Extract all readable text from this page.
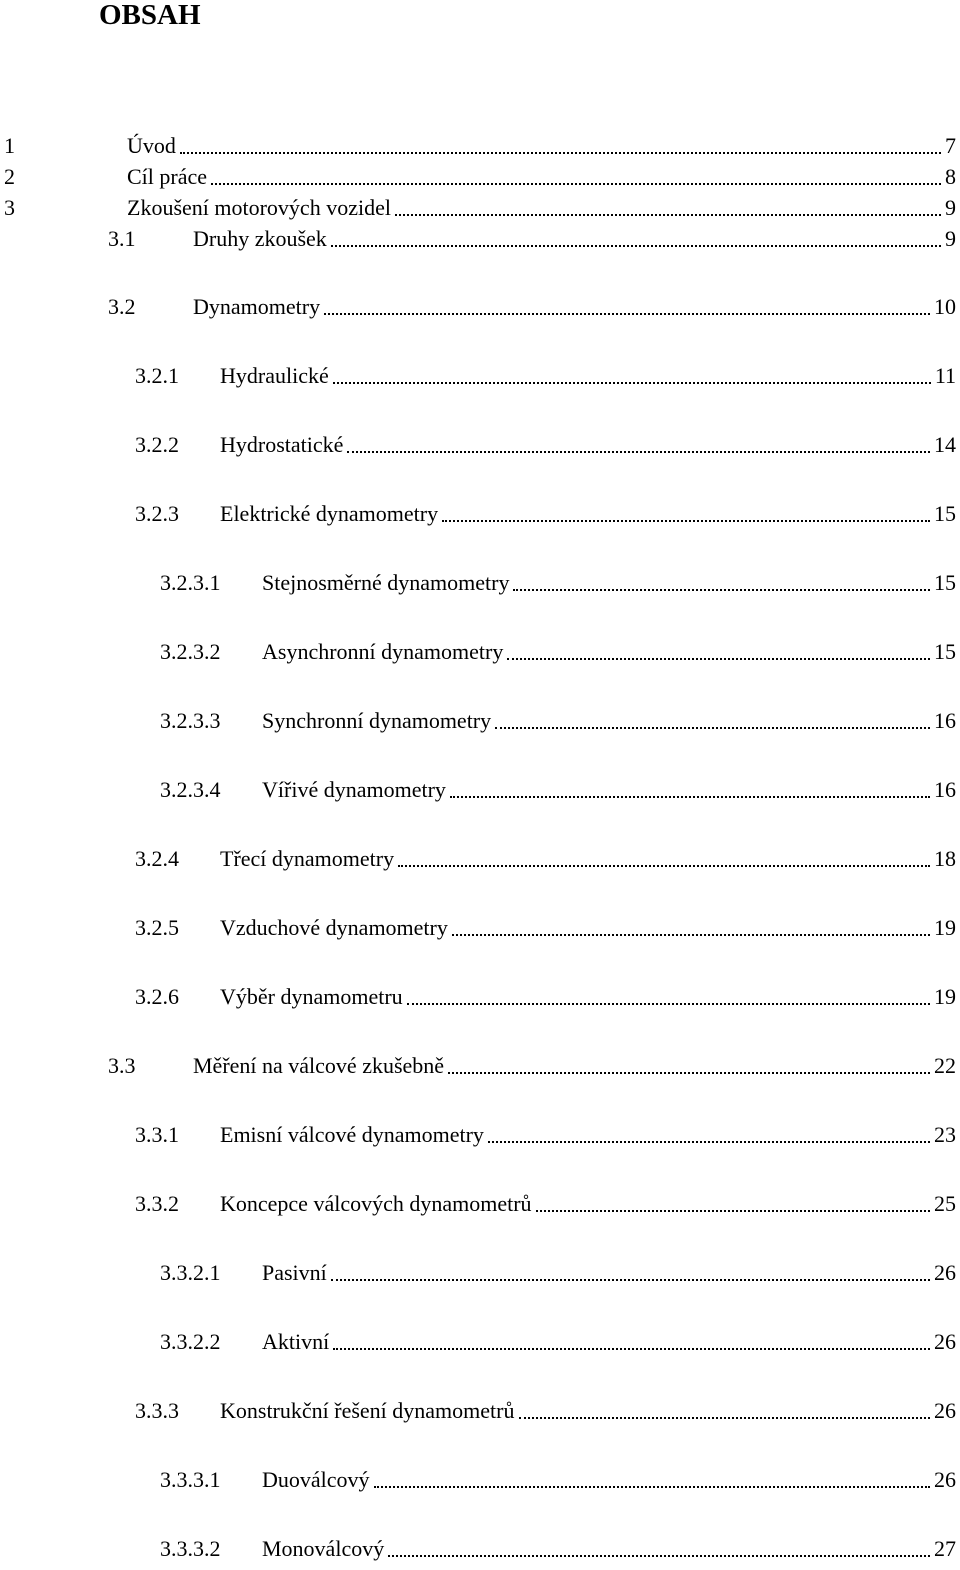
OBSAH
1	Úvod	7
2	Cíl práce	8
3	Zkoušení motorových vozidel	9
3.1	Druhy zkoušek	9
3.2	Dynamometry	10
3.2.1	Hydraulické	11
3.2.2	Hydrostatické	14
3.2.3	Elektrické dynamometry	15
3.2.3.1	Stejnosměrné dynamometry	15
3.2.3.2	Asynchronní dynamometry	15
3.2.3.3	Synchronní dynamometry	16
3.2.3.4	Vířivé dynamometry	16
3.2.4	Třecí dynamometry	18
3.2.5	Vzduchové dynamometry	19
3.2.6	Výběr dynamometru	19
3.3	Měření na válcové zkušebně	22
3.3.1	Emisní válcové dynamometry	23
3.3.2	Koncepce válcových dynamometrů	25
3.3.2.1	Pasivní	26
3.3.2.2	Aktivní	26
3.3.3	Konstrukční řešení dynamometrů	26
3.3.3.1	Duoválcový	26
3.3.3.2	Monoválcový	27
